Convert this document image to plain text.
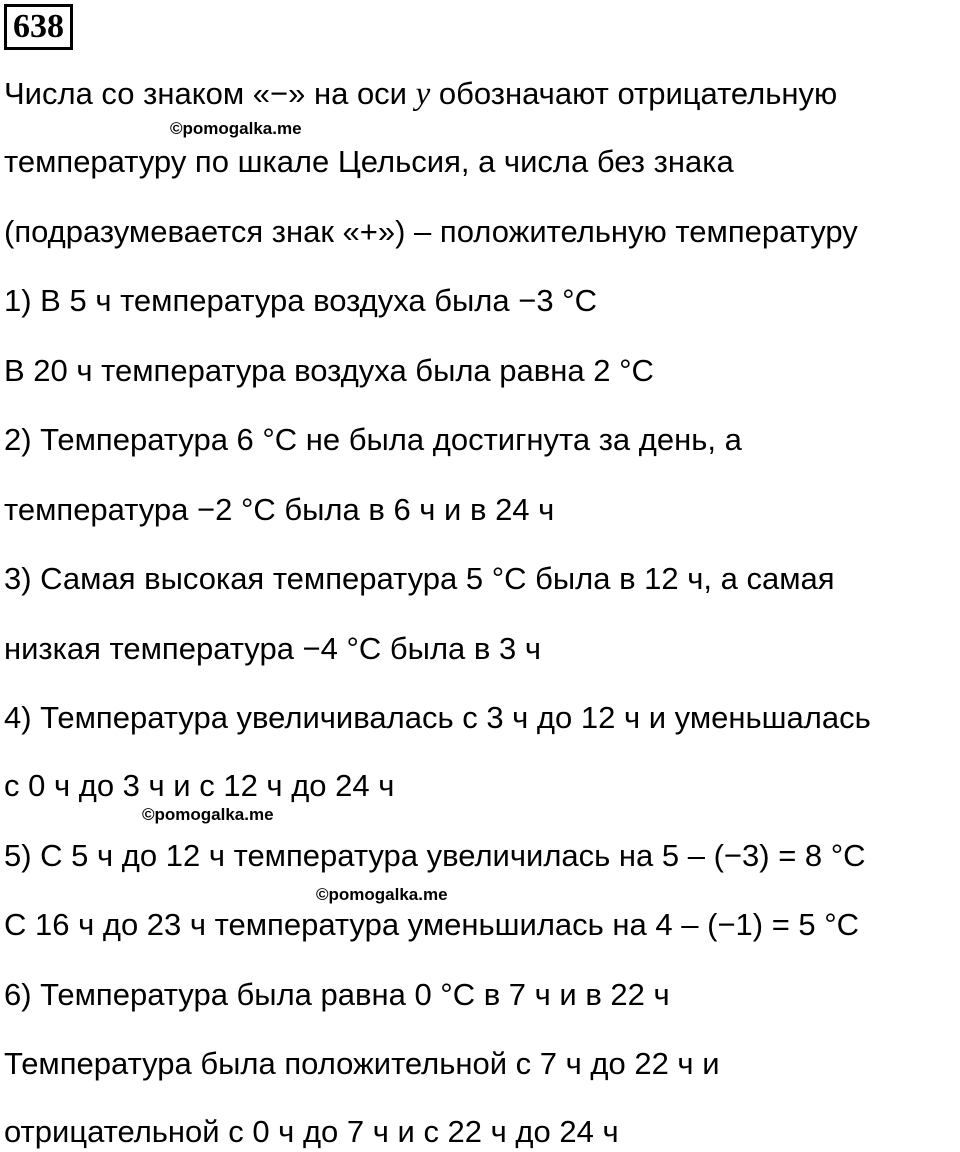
638
Числа со знаком «−» на оси y обозначают отрицательную
©pomogalka.me
температуру по шкале Цельсия, а числа без знака
(подразумевается знак «+») – положительную температуру
1) В 5 ч температура воздуха была −3 °C
В 20 ч температура воздуха была равна 2 °C
2) Температура 6 °C не была достигнута за день, а
температура −2 °C была в 6 ч и в 24 ч
3) Самая высокая температура 5 °C была в 12 ч, а самая
низкая температура −4 °C была в 3 ч
4) Температура увеличивалась с 3 ч до 12 ч и уменьшалась
с 0 ч до 3 ч и с 12 ч до 24 ч
©pomogalka.me
5) С 5 ч до 12 ч температура увеличилась на 5 – (−3) = 8 °C
©pomogalka.me
С 16 ч до 23 ч температура уменьшилась на 4 – (−1) = 5 °C
6) Температура была равна 0 °C в 7 ч и в 22 ч
Температура была положительной с 7 ч до 22 ч и
отрицательной с 0 ч до 7 ч и с 22 ч до 24 ч
